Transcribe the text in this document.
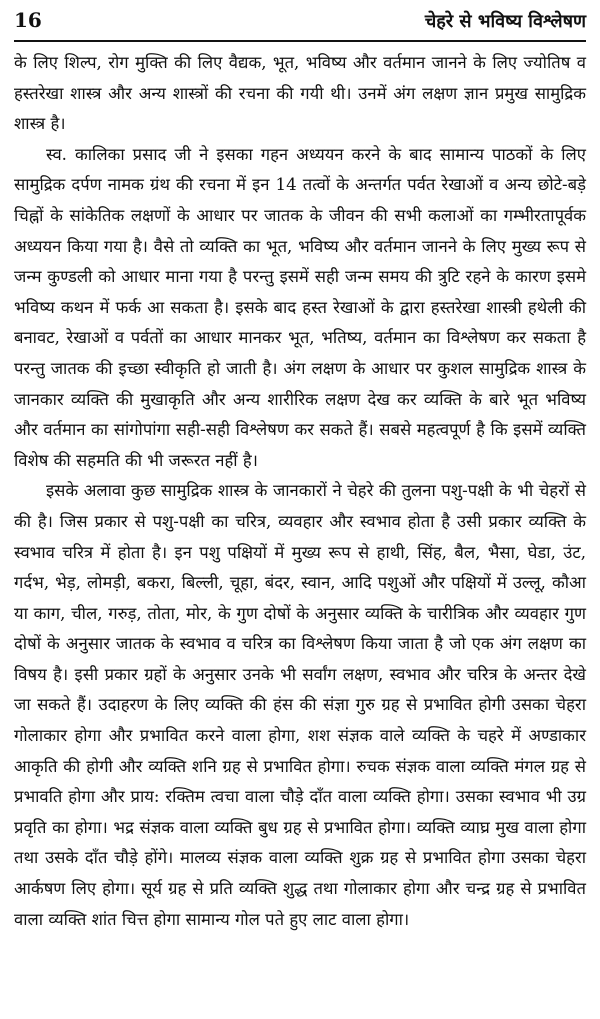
16	चेहरे से भविष्य विश्लेषण

के लिए शिल्प, रोग मुक्ति की लिए वैद्यक, भूत, भविष्य और वर्तमान जानने के लिए ज्योतिष व हस्तरेखा शास्त्र और अन्य शास्त्रों की रचना की गयी थी। उनमें अंग लक्षण ज्ञान प्रमुख सामुद्रिक शास्त्र है।

स्व. कालिका प्रसाद जी ने इसका गहन अध्ययन करने के बाद सामान्य पाठकों के लिए सामुद्रिक दर्पण नामक ग्रंथ की रचना में इन 14 तत्वों के अन्तर्गत पर्वत रेखाओं व अन्य छोटे-बड़े चिह्नों के सांकेतिक लक्षणों के आधार पर जातक के जीवन की सभी कलाओं का गम्भीरतापूर्वक अध्ययन किया गया है। वैसे तो व्यक्ति का भूत, भविष्य और वर्तमान जानने के लिए मुख्य रूप से जन्म कुण्डली को आधार माना गया है परन्तु इसमें सही जन्म समय की त्रुटि रहने के कारण इसमे भविष्य कथन में फर्क आ सकता है। इसके बाद हस्त रेखाओं के द्वारा हस्तरेखा शास्त्री हथेली की बनावट, रेखाओं व पर्वतों का आधार मानकर भूत, भतिष्य, वर्तमान का विश्लेषण कर सकता है परन्तु जातक की इच्छा स्वीकृति हो जाती है। अंग लक्षण के आधार पर कुशल सामुद्रिक शास्त्र के जानकार व्यक्ति की मुखाकृति और अन्य शारीरिक लक्षण देख कर व्यक्ति के बारे भूत भविष्य और वर्तमान का सांगोपांगा सही-सही विश्लेषण कर सकते हैं। सबसे महत्वपूर्ण है कि इसमें व्यक्ति विशेष की सहमति की भी जरूरत नहीं है।

इसके अलावा कुछ सामुद्रिक शास्त्र के जानकारों ने चेहरे की तुलना पशु-पक्षी के भी चेहरों से की है। जिस प्रकार से पशु-पक्षी का चरित्र, व्यवहार और स्वभाव होता है उसी प्रकार व्यक्ति के स्वभाव चरित्र में होता है। इन पशु पक्षियों में मुख्य रूप से हाथी, सिंह, बैल, भैसा, घेडा, उंट, गर्दभ, भेड़, लोमड़ी, बकरा, बिल्ली, चूहा, बंदर, स्वान, आदि पशुओं और पक्षियों में उल्लू, कौआ या काग, चील, गरुड़, तोता, मोर, के गुण दोषों के अनुसार व्यक्ति के चारीत्रिक और व्यवहार गुण दोषों के अनुसार जातक के स्वभाव व चरित्र का विश्लेषण किया जाता है जो एक अंग लक्षण का विषय है। इसी प्रकार ग्रहों के अनुसार उनके भी सर्वांग लक्षण, स्वभाव और चरित्र के अन्तर देखे जा सकते हैं। उदाहरण के लिए व्यक्ति की हंस की संज्ञा गुरु ग्रह से प्रभावित होगी उसका चेहरा गोलाकार होगा और प्रभावित करने वाला होगा, शश संज्ञक वाले व्यक्ति के चहरे में अण्डाकार आकृति की होगी और व्यक्ति शनि ग्रह से प्रभावित होगा। रुचक संज्ञक वाला व्यक्ति मंगल ग्रह से प्रभावति होगा और प्राय: रक्तिम त्वचा वाला चौड़े दाँत वाला व्यक्ति होगा। उसका स्वभाव भी उग्र प्रवृति का होगा। भद्र संज्ञक वाला व्यक्ति बुध ग्रह से प्रभावित होगा। व्यक्ति व्याघ्र मुख वाला होगा तथा उसके दाँत चौड़े होंगे। मालव्य संज्ञक वाला व्यक्ति शुक्र ग्रह से प्रभावित होगा उसका चेहरा आर्कषण लिए होगा। सूर्य ग्रह से प्रति व्यक्ति शुद्ध तथा गोलाकार होगा और चन्द्र ग्रह से प्रभावित वाला व्यक्ति शांत चित्त होगा सामान्य गोल पते हुए लाट वाला होगा।
